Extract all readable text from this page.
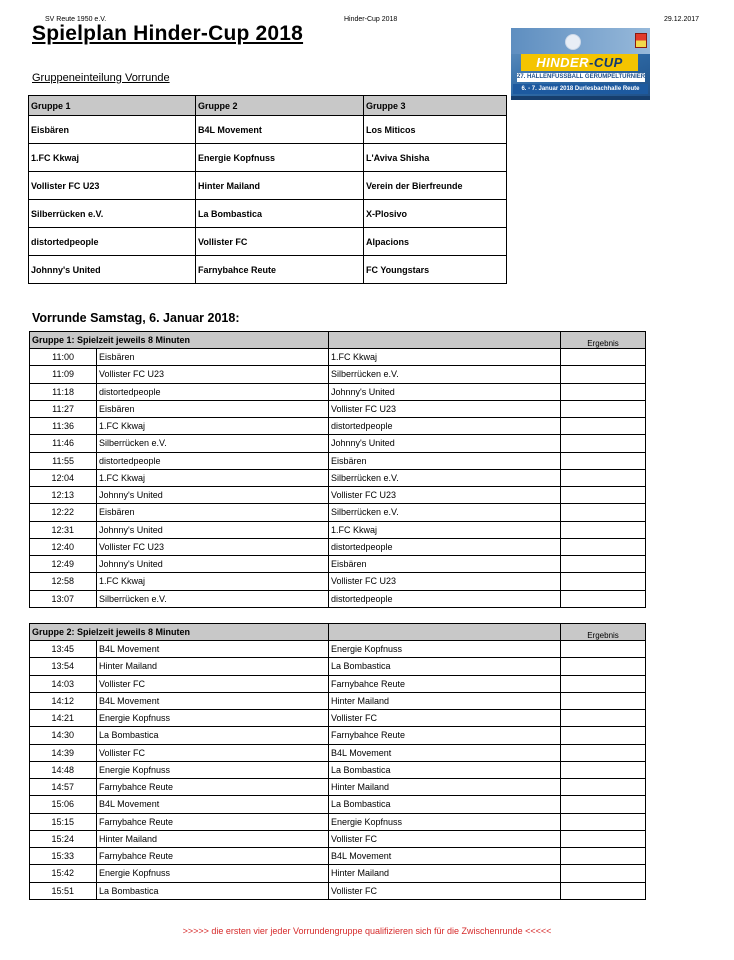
SV Reute 1950 e.V.	Hinder-Cup 2018	29.12.2017
Spielplan Hinder-Cup 2018
HINDER-CUP
27. HALLENFUSSBALL GERÜMPELTURNIER
6. - 7. Januar 2018 Durlesbachhalle Reute
Gruppeneinteilung Vorrunde
Gruppe 1	Gruppe 2	Gruppe 3
Eisbären	B4L Movement	Los Miticos
1.FC Kkwaj	Energie Kopfnuss	L'Aviva Shisha
Vollister FC U23	Hinter Mailand	Verein der Bierfreunde
Silberrücken e.V.	La Bombastica	X-Plosivo
distortedpeople	Vollister FC	Alpacions
Johnny's United	Farnybahce Reute	FC Youngstars
Vorrunde Samstag, 6. Januar 2018:
Gruppe 1: Spielzeit jeweils 8 Minuten			Ergebnis
11:00	Eisbären	1.FC Kkwaj	
11:09	Vollister FC U23	Silberrücken e.V.	
11:18	distortedpeople	Johnny's United	
11:27	Eisbären	Vollister FC U23	
11:36	1.FC Kkwaj	distortedpeople	
11:46	Silberrücken e.V.	Johnny's United	
11:55	distortedpeople	Eisbären	
12:04	1.FC Kkwaj	Silberrücken e.V.	
12:13	Johnny's United	Vollister FC U23	
12:22	Eisbären	Silberrücken e.V.	
12:31	Johnny's United	1.FC Kkwaj	
12:40	Vollister FC U23	distortedpeople	
12:49	Johnny's United	Eisbären	
12:58	1.FC Kkwaj	Vollister FC U23	
13:07	Silberrücken e.V.	distortedpeople	
Gruppe 2: Spielzeit jeweils 8 Minuten			Ergebnis
13:45	B4L Movement	Energie Kopfnuss	
13:54	Hinter Mailand	La Bombastica	
14:03	Vollister FC	Farnybahce Reute	
14:12	B4L Movement	Hinter Mailand	
14:21	Energie Kopfnuss	Vollister FC	
14:30	La Bombastica	Farnybahce Reute	
14:39	Vollister FC	B4L Movement	
14:48	Energie Kopfnuss	La Bombastica	
14:57	Farnybahce Reute	Hinter Mailand	
15:06	B4L Movement	La Bombastica	
15:15	Farnybahce Reute	Energie Kopfnuss	
15:24	Hinter Mailand	Vollister FC	
15:33	Farnybahce Reute	B4L Movement	
15:42	Energie Kopfnuss	Hinter Mailand	
15:51	La Bombastica	Vollister FC	
>>>>> die ersten vier jeder Vorrundengruppe qualifizieren sich für die Zwischenrunde <<<<<
